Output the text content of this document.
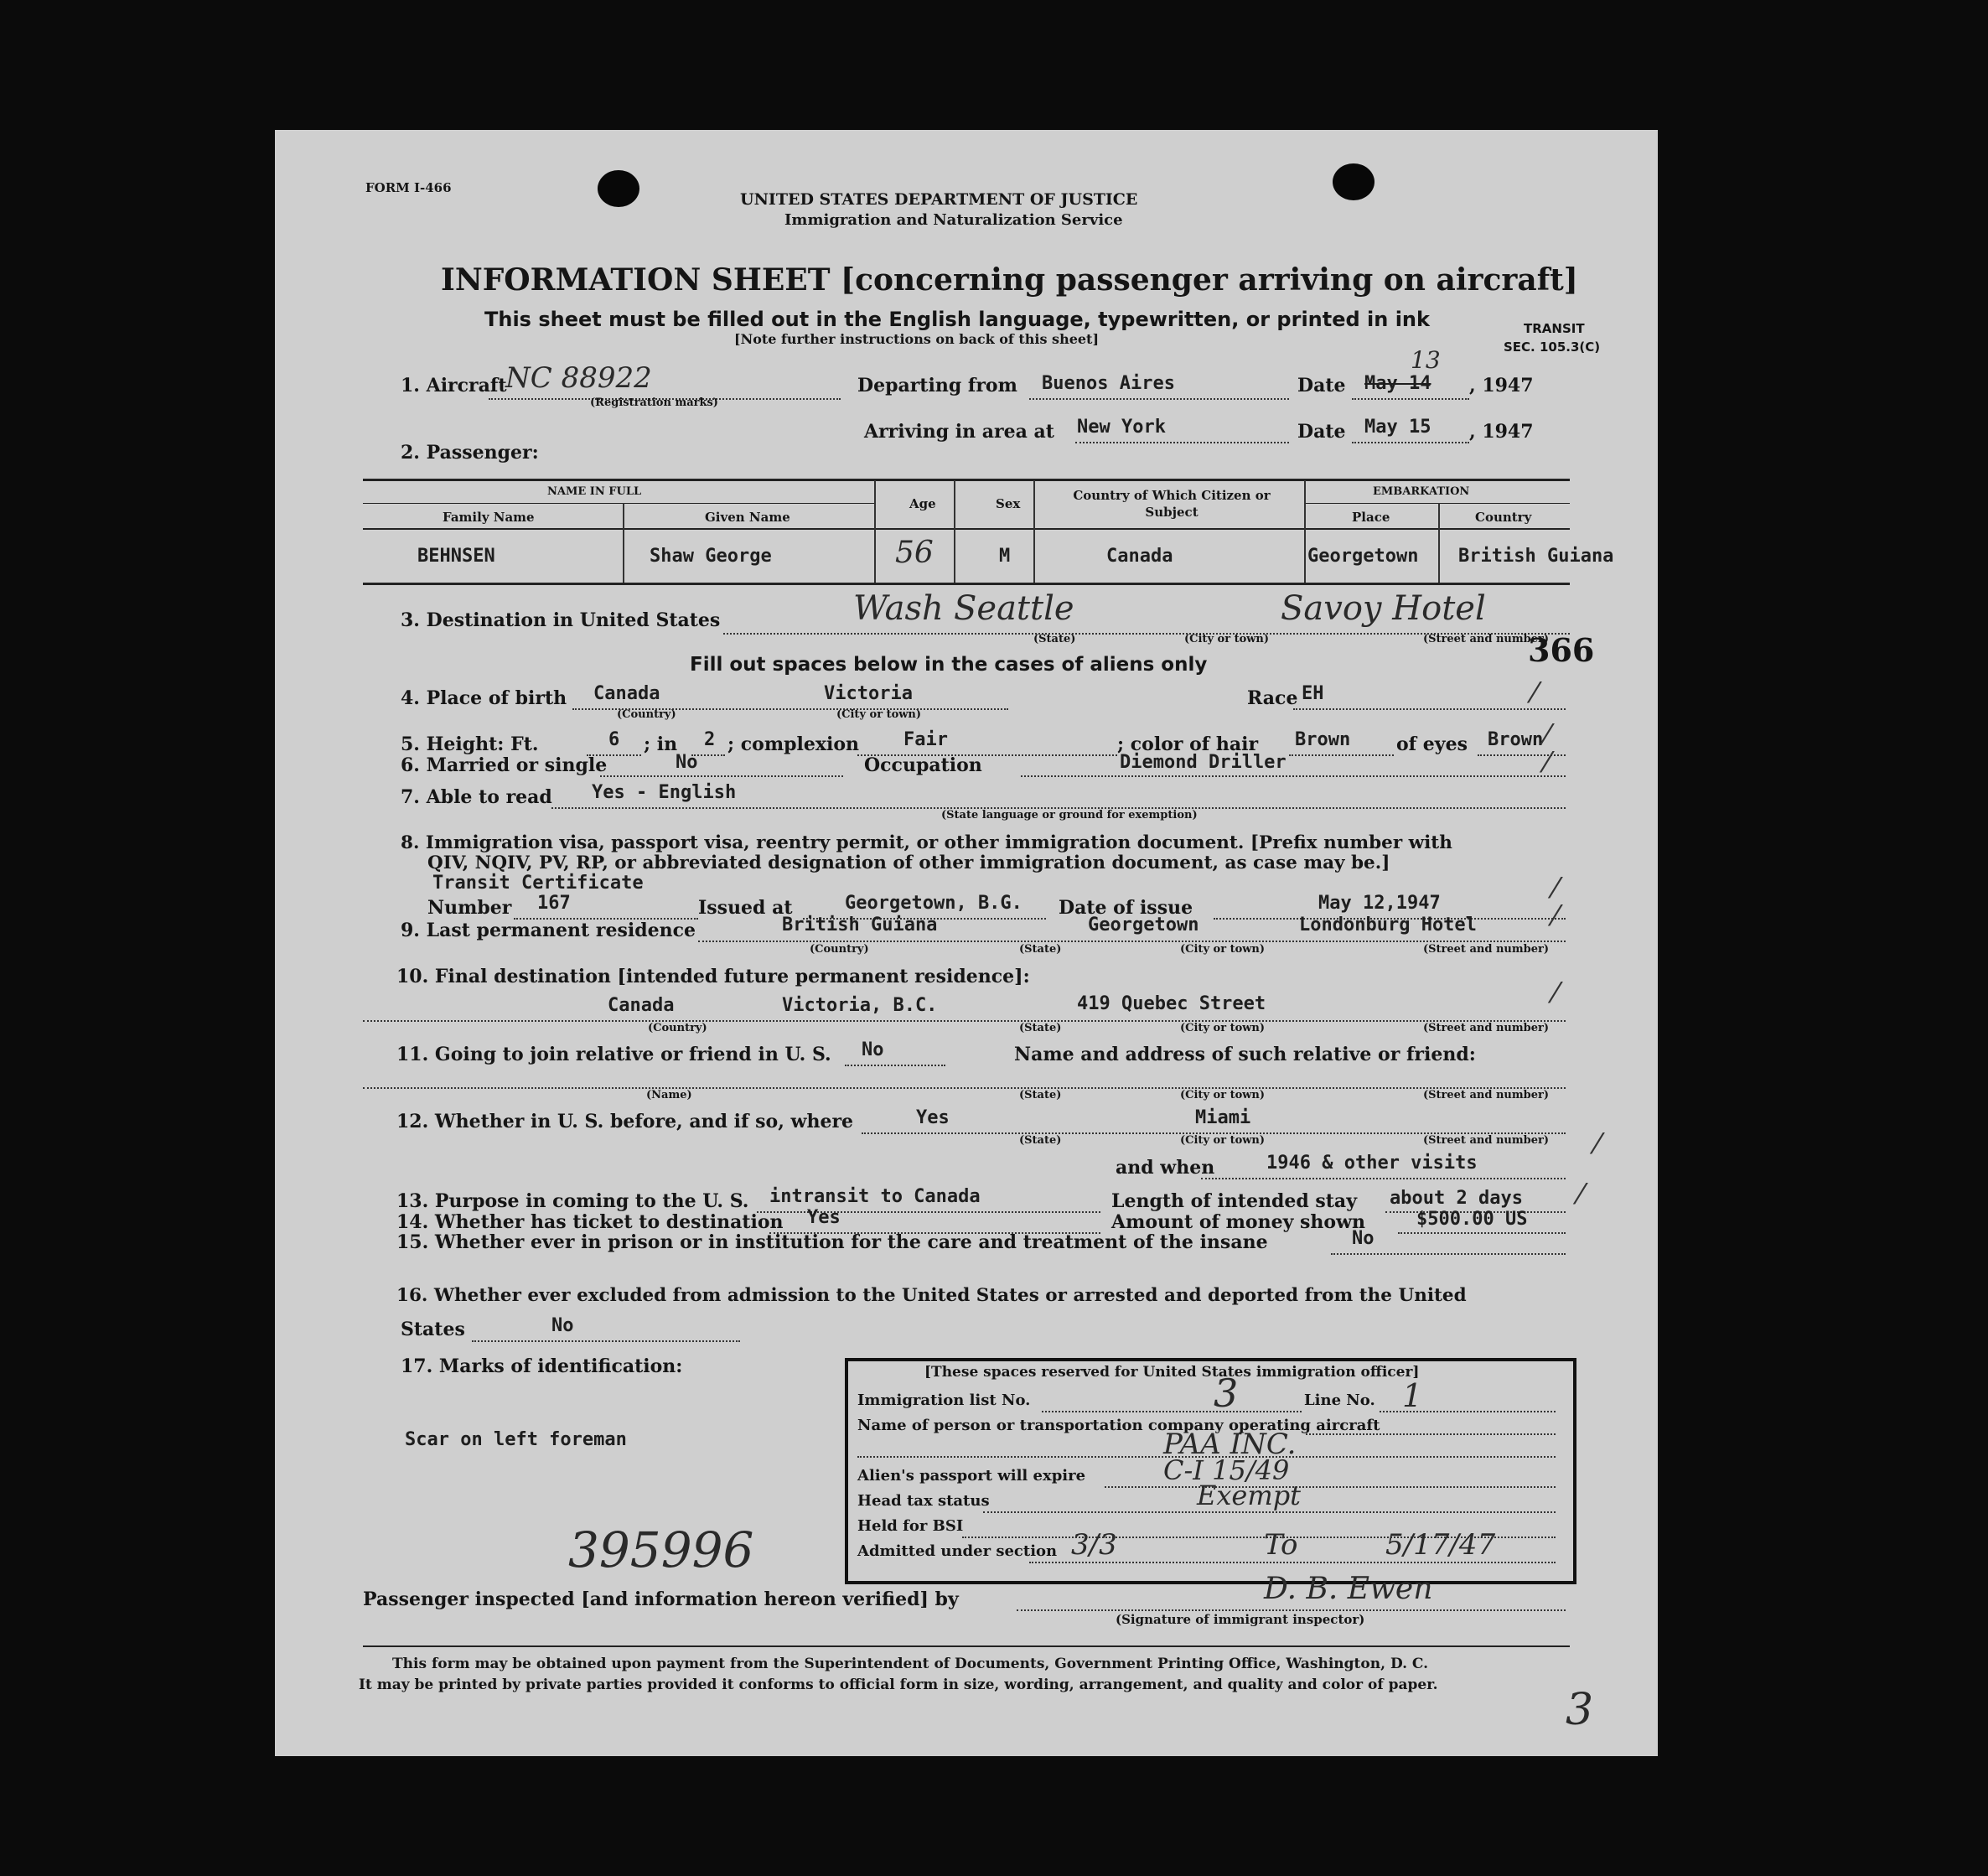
FORM I-466
UNITED STATES DEPARTMENT OF JUSTICE
Immigration and Naturalization Service
INFORMATION SHEET [concerning passenger arriving on aircraft]
This sheet must be filled out in the English language, typewritten, or printed in ink
[Note further instructions on back of this sheet]
TRANSIT
SEC. 105.3(C)
1. Aircraft
NC 88922
(Registration marks)
Departing from Buenos Aires	Date
13
May 14 , 1947
Arriving in area at New York	Date May 15 , 1947
2. Passenger:
NAME IN FULL
Family Name	Given Name
Age	Sex
Country of Which Citizen or Subject
EMBARKATION
Place	Country
BEHNSEN	Shaw George	56	M	Canada	Georgetown British Guiana
3. Destination in United States	Wash Seattle	Savoy Hotel
(State)	(City or town)	(Street and number)
366
Fill out spaces below in the cases of aliens only
4. Place of birth Canada	Victoria
(Country)	(City or town)
Race EH
5. Height: Ft.	6 ; in 2 ; complexion Fair	; color of hair Brown of eyes Brown
6. Married or single	No	Occupation	Diemond Driller
7. Able to read Yes - English
(State language or ground for exemption)
8. Immigration visa, passport visa, reentry permit, or other immigration document. [Prefix number with
QIV, NQIV, PV, RP, or abbreviated designation of other immigration document, as case may be.]
Transit Certificate
Number 167	Issued at	Georgetown, B.G. Date of issue	May 12,1947
9. Last permanent residence	British Guiana	Georgetown	Londonburg Hotel
(Country)	(State)	(City or town)	(Street and number)
10. Final destination [intended future permanent residence]:
Canada	Victoria, B.C.	419 Quebec Street
(Country)	(State)	(City or town)	(Street and number)
11. Going to join relative or friend in U. S. No	Name and address of such relative or friend:
(Name)	(State)	(City or town)	(Street and number)
12. Whether in U. S. before, and if so, where	Yes	Miami
(State)	(City or town)	(Street and number)
and when	1946 & other visits
13. Purpose in coming to the U. S. intransit to Canada	Length of intended stay about 2 days
14. Whether has ticket to destination Yes	Amount of money shown	$500.00 US
15. Whether ever in prison or in institution for the care and treatment of the insane	No
16. Whether ever excluded from admission to the United States or arrested and deported from the United
States	No
17. Marks of identification:
Scar on left foreman
[These spaces reserved for United States immigration officer]
Immigration list No.	3	Line No. 1
Name of person or transportation company operating aircraft
PAA INC.
Alien's passport will expire	C-I 15/49
Head tax status	Exempt
Held for BSI
Admitted under section 3/3	To	5/17/47
395996
Passenger inspected [and information hereon verified] by	D. B. Ewen
(Signature of immigrant inspector)
This form may be obtained upon payment from the Superintendent of Documents, Government Printing Office, Washington, D. C.
It may be printed by private parties provided it conforms to official form in size, wording, arrangement, and quality and color of paper.	3
⁄
⁄
⁄
⁄
⁄
⁄
⁄
⁄
